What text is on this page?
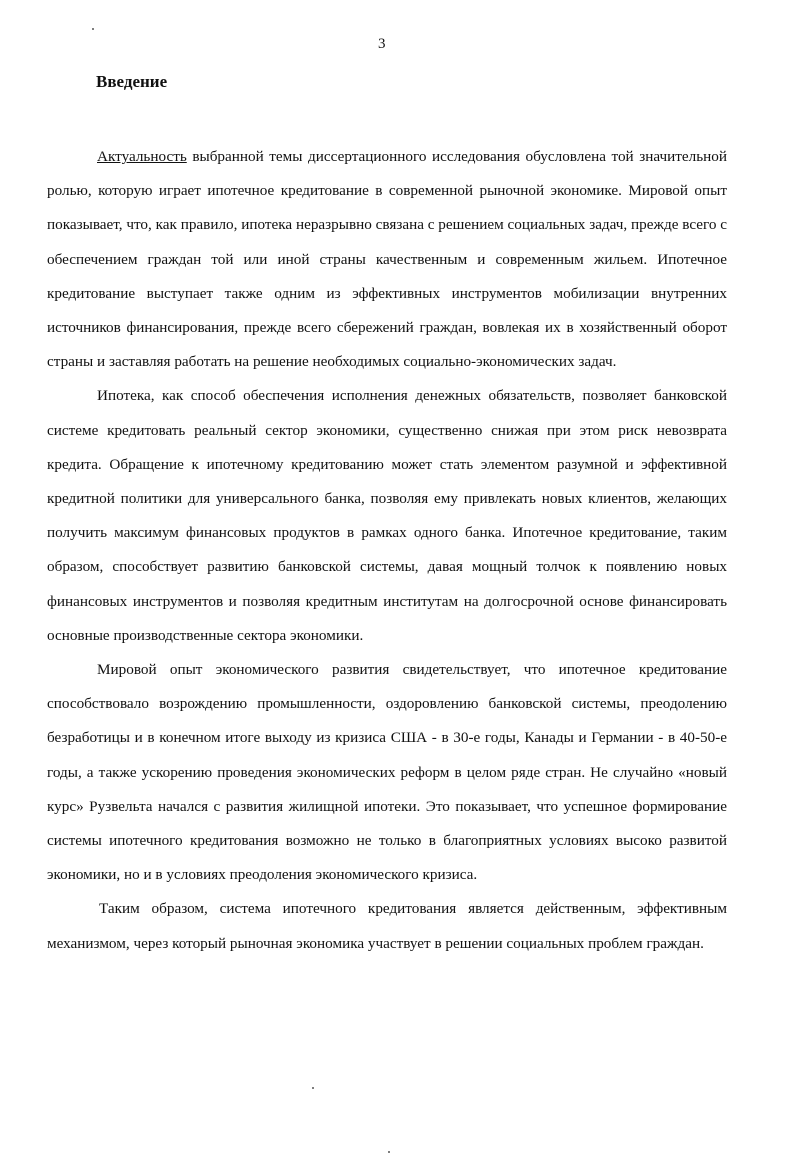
3
Введение

Актуальность выбранной темы диссертационного исследования обусловлена той значительной ролью, которую играет ипотечное кредитование в современной рыночной экономике. Мировой опыт показывает, что, как правило, ипотека неразрывно связана с решением социальных задач, прежде всего с обеспечением граждан той или иной страны качественным и современным жильем. Ипотечное кредитование выступает также одним из эффективных инструментов мобилизации внутренних источников финансирования, прежде всего сбережений граждан, вовлекая их в хозяйственный оборот страны и заставляя работать на решение необходимых социально-экономических задач.

Ипотека, как способ обеспечения исполнения денежных обязательств, позволяет банковской системе кредитовать реальный сектор экономики, существенно снижая при этом риск невозврата кредита. Обращение к ипотечному кредитованию может стать элементом разумной и эффективной кредитной политики для универсального банка, позволяя ему привлекать новых клиентов, желающих получить максимум финансовых продуктов в рамках одного банка. Ипотечное кредитование, таким образом, способствует развитию банковской системы, давая мощный толчок к появлению новых финансовых инструментов и позволяя кредитным институтам на долгосрочной основе финансировать основные производственные сектора экономики.

Мировой опыт экономического развития свидетельствует, что ипотечное кредитование способствовало возрождению промышленности, оздоровлению банковской системы, преодолению безработицы и в конечном итоге выходу из кризиса США - в 30-е годы, Канады и Германии - в 40-50-е годы, а также ускорению проведения экономических реформ в целом ряде стран. Не случайно «новый курс» Рузвельта начался с развития жилищной ипотеки. Это показывает, что успешное формирование системы ипотечного кредитования возможно не только в благоприятных условиях высоко развитой экономики, но и в условиях преодоления экономического кризиса.

Таким образом, система ипотечного кредитования является действенным, эффективным механизмом, через который рыночная экономика участвует в решении социальных проблем граждан.
